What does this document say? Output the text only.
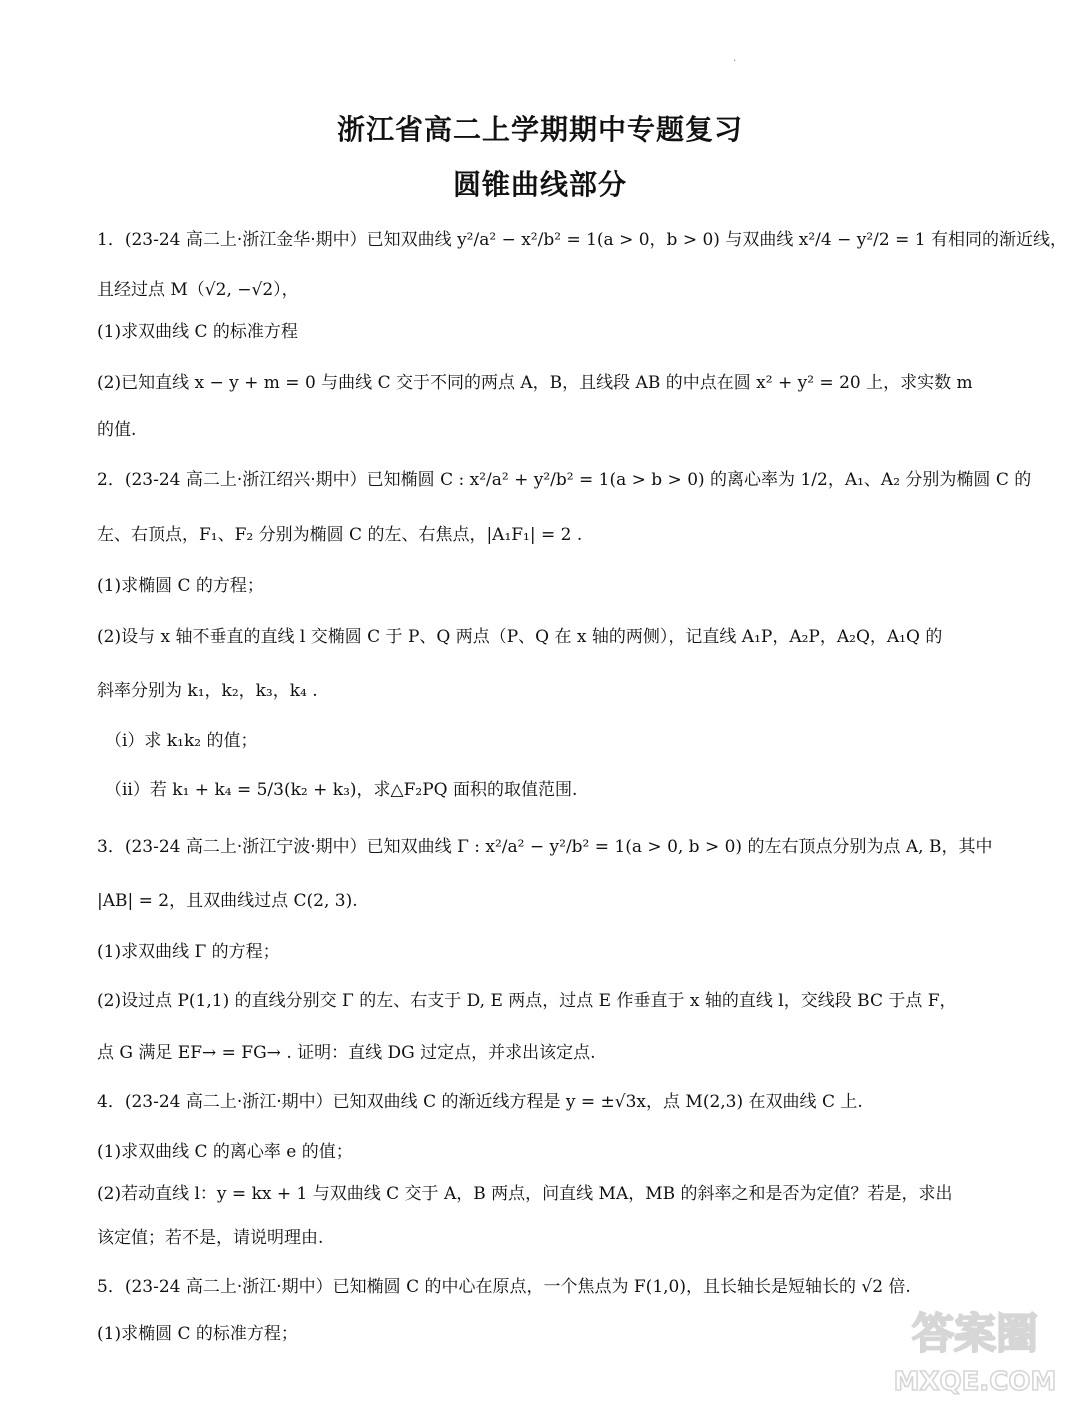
·
浙江省高二上学期期中专题复习
圆锥曲线部分
1．(23-24 高二上·浙江金华·期中）已知双曲线 y²/a² − x²/b² = 1(a > 0，b > 0) 与双曲线 x²/4 − y²/2 = 1 有相同的渐近线，
且经过点 M（√2, −√2），
(1)求双曲线 C 的标准方程
(2)已知直线 x − y + m = 0 与曲线 C 交于不同的两点 A，B，且线段 AB 的中点在圆 x² + y² = 20 上，求实数 m
的值.
2．(23-24 高二上·浙江绍兴·期中）已知椭圆 C : x²/a² + y²/b² = 1(a > b > 0) 的离心率为 1/2，A₁、A₂ 分别为椭圆 C 的
左、右顶点，F₁、F₂ 分别为椭圆 C 的左、右焦点，|A₁F₁| = 2 .
(1)求椭圆 C 的方程；
(2)设与 x 轴不垂直的直线 l 交椭圆 C 于 P、Q 两点（P、Q 在 x 轴的两侧），记直线 A₁P，A₂P，A₂Q，A₁Q 的
斜率分别为 k₁，k₂，k₃，k₄ .
（i）求 k₁k₂ 的值；
（ii）若 k₁ + k₄ = 5/3(k₂ + k₃)，求△F₂PQ 面积的取值范围.
3．(23-24 高二上·浙江宁波·期中）已知双曲线 Γ : x²/a² − y²/b² = 1(a > 0, b > 0) 的左右顶点分别为点 A, B，其中
|AB| = 2，且双曲线过点 C(2, 3).
(1)求双曲线 Γ 的方程；
(2)设过点 P(1,1) 的直线分别交 Γ 的左、右支于 D, E 两点，过点 E 作垂直于 x 轴的直线 l，交线段 BC 于点 F，
点 G 满足 EF→ = FG→ . 证明：直线 DG 过定点，并求出该定点.
4．(23-24 高二上·浙江·期中）已知双曲线 C 的渐近线方程是 y = ±√3x，点 M(2,3) 在双曲线 C 上.
(1)求双曲线 C 的离心率 e 的值；
(2)若动直线 l：y = kx + 1 与双曲线 C 交于 A，B 两点，问直线 MA，MB 的斜率之和是否为定值？若是，求出
该定值；若不是，请说明理由.
5．(23-24 高二上·浙江·期中）已知椭圆 C 的中心在原点，一个焦点为 F(1,0)，且长轴长是短轴长的 √2 倍.
(1)求椭圆 C 的标准方程；	答案圈
MXQE.COM
